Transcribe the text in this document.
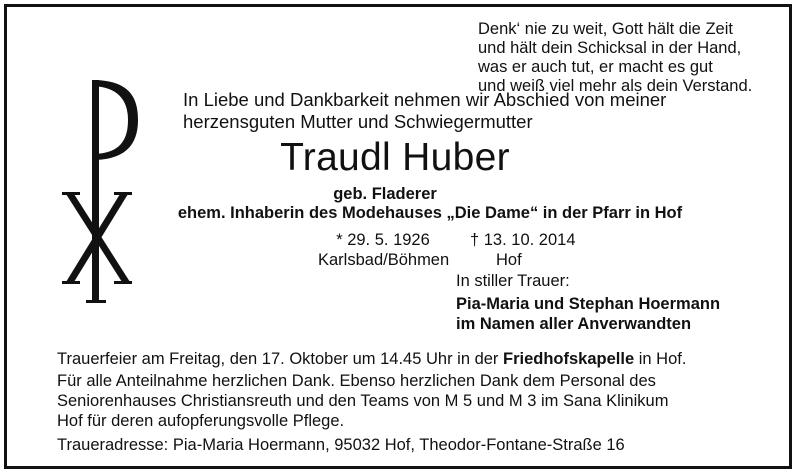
Denk‘ nie zu weit, Gott hält die Zeit
und hält dein Schicksal in der Hand,
was er auch tut, er macht es gut
und weiß viel mehr als dein Verstand.
In Liebe und Dankbarkeit nehmen wir Abschied von meiner
herzensguten Mutter und Schwiegermutter
Traudl Huber
geb. Fladerer
ehem. Inhaberin des Modehauses „Die Dame“ in der Pfarr in Hof
* 29. 5. 1926
Karlsbad/Böhmen
† 13. 10. 2014
Hof
In stiller Trauer:
Pia-Maria und Stephan Hoermann
im Namen aller Anverwandten
Trauerfeier am Freitag, den 17. Oktober um 14.45 Uhr in der Friedhofskapelle in Hof.
Für alle Anteilnahme herzlichen Dank. Ebenso herzlichen Dank dem Personal des
Seniorenhauses Christiansreuth und den Teams von M 5 und M 3 im Sana Klinikum
Hof für deren aufopferungsvolle Pflege.
Traueradresse: Pia-Maria Hoermann, 95032 Hof, Theodor-Fontane-Straße 16
